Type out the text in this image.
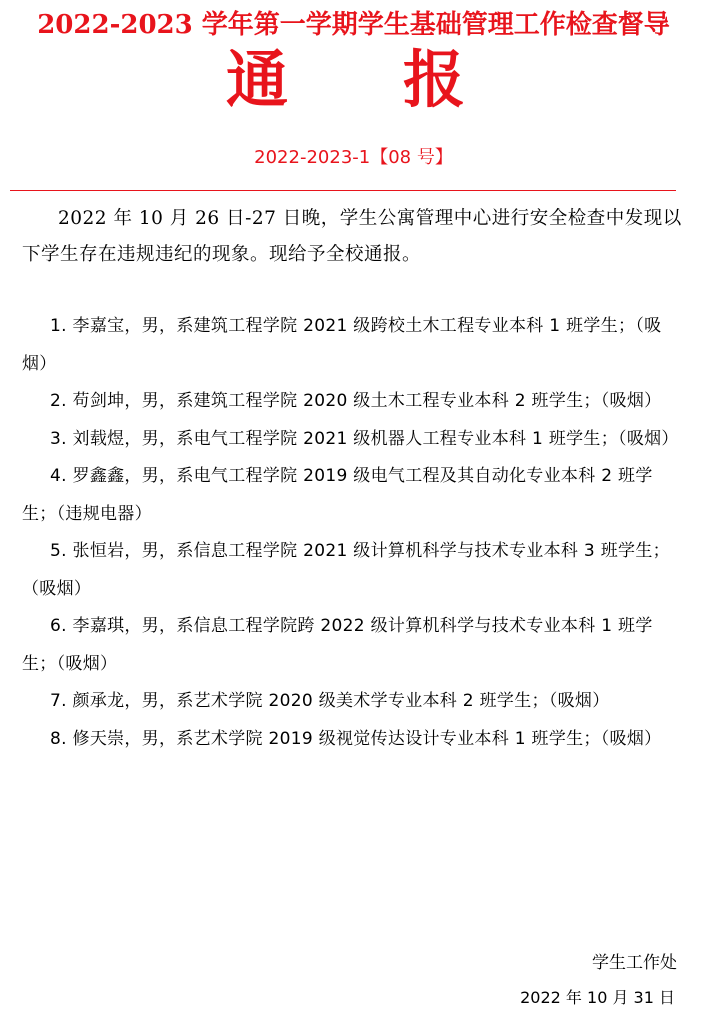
2022-2023 学年第一学期学生基础管理工作检查督导
通 报
2022-2023-1【08 号】

2022 年 10 月 26 日-27 日晚，学生公寓管理中心进行安全检查中发现以下学生存在违规违纪的现象。现给予全校通报。

1. 李嘉宝，男，系建筑工程学院 2021 级跨校土木工程专业本科 1 班学生；（吸烟）
2. 苟剑坤，男，系建筑工程学院 2020 级土木工程专业本科 2 班学生；（吸烟）
3. 刘载煜，男，系电气工程学院 2021 级机器人工程专业本科 1 班学生；（吸烟）
4. 罗鑫鑫，男，系电气工程学院 2019 级电气工程及其自动化专业本科 2 班学生；（违规电器）
5. 张恒岩，男，系信息工程学院 2021 级计算机科学与技术专业本科 3 班学生；（吸烟）
6. 李嘉琪，男，系信息工程学院跨 2022 级计算机科学与技术专业本科 1 班学生；（吸烟）
7. 颜承龙，男，系艺术学院 2020 级美术学专业本科 2 班学生；（吸烟）
8. 修天崇，男，系艺术学院 2019 级视觉传达设计专业本科 1 班学生；（吸烟）
学生工作处
2022 年 10 月 31 日
